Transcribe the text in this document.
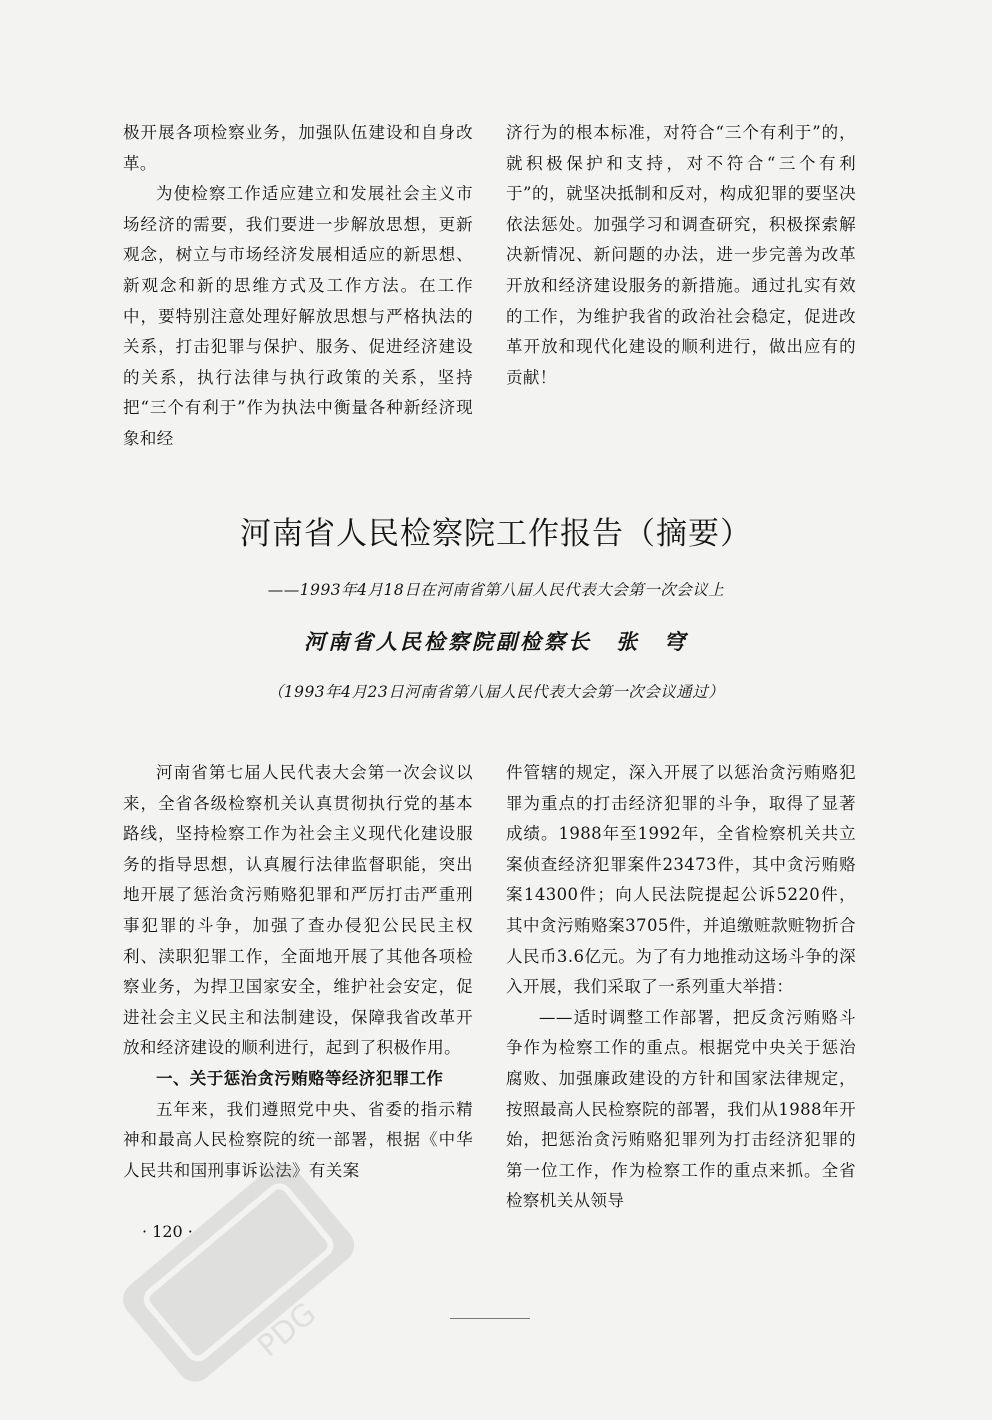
极开展各项检察业务，加强队伍建设和自身改革。

为使检察工作适应建立和发展社会主义市场经济的需要，我们要进一步解放思想，更新观念，树立与市场经济发展相适应的新思想、新观念和新的思维方式及工作方法。在工作中，要特别注意处理好解放思想与严格执法的关系，打击犯罪与保护、服务、促进经济建设的关系，执行法律与执行政策的关系，坚持把“三个有利于”作为执法中衡量各种新经济现象和经

济行为的根本标准，对符合“三个有利于”的，就积极保护和支持，对不符合“三个有利于”的，就坚决抵制和反对，构成犯罪的要坚决依法惩处。加强学习和调查研究，积极探索解决新情况、新问题的办法，进一步完善为改革开放和经济建设服务的新措施。通过扎实有效的工作，为维护我省的政治社会稳定，促进改革开放和现代化建设的顺利进行，做出应有的贡献！

河南省人民检察院工作报告（摘要）
——1993年4月18日在河南省第八届人民代表大会第一次会议上
河南省人民检察院副检察长　张　穹
（1993年4月23日河南省第八届人民代表大会第一次会议通过）

河南省第七届人民代表大会第一次会议以来，全省各级检察机关认真贯彻执行党的基本路线，坚持检察工作为社会主义现代化建设服务的指导思想，认真履行法律监督职能，突出地开展了惩治贪污贿赂犯罪和严厉打击严重刑事犯罪的斗争，加强了查办侵犯公民民主权利、渎职犯罪工作，全面地开展了其他各项检察业务，为捍卫国家安全，维护社会安定，促进社会主义民主和法制建设，保障我省改革开放和经济建设的顺利进行，起到了积极作用。

一、关于惩治贪污贿赂等经济犯罪工作

五年来，我们遵照党中央、省委的指示精神和最高人民检察院的统一部署，根据《中华人民共和国刑事诉讼法》有关案

件管辖的规定，深入开展了以惩治贪污贿赂犯罪为重点的打击经济犯罪的斗争，取得了显著成绩。1988年至1992年，全省检察机关共立案侦查经济犯罪案件23473件，其中贪污贿赂案14300件；向人民法院提起公诉5220件，其中贪污贿赂案3705件，并追缴赃款赃物折合人民币3.6亿元。为了有力地推动这场斗争的深入开展，我们采取了一系列重大举措：

——适时调整工作部署，把反贪污贿赂斗争作为检察工作的重点。根据党中央关于惩治腐败、加强廉政建设的方针和国家法律规定，按照最高人民检察院的部署，我们从1988年开始，把惩治贪污贿赂犯罪列为打击经济犯罪的第一位工作，作为检察工作的重点来抓。全省检察机关从领导

· 120 ·
PDG
